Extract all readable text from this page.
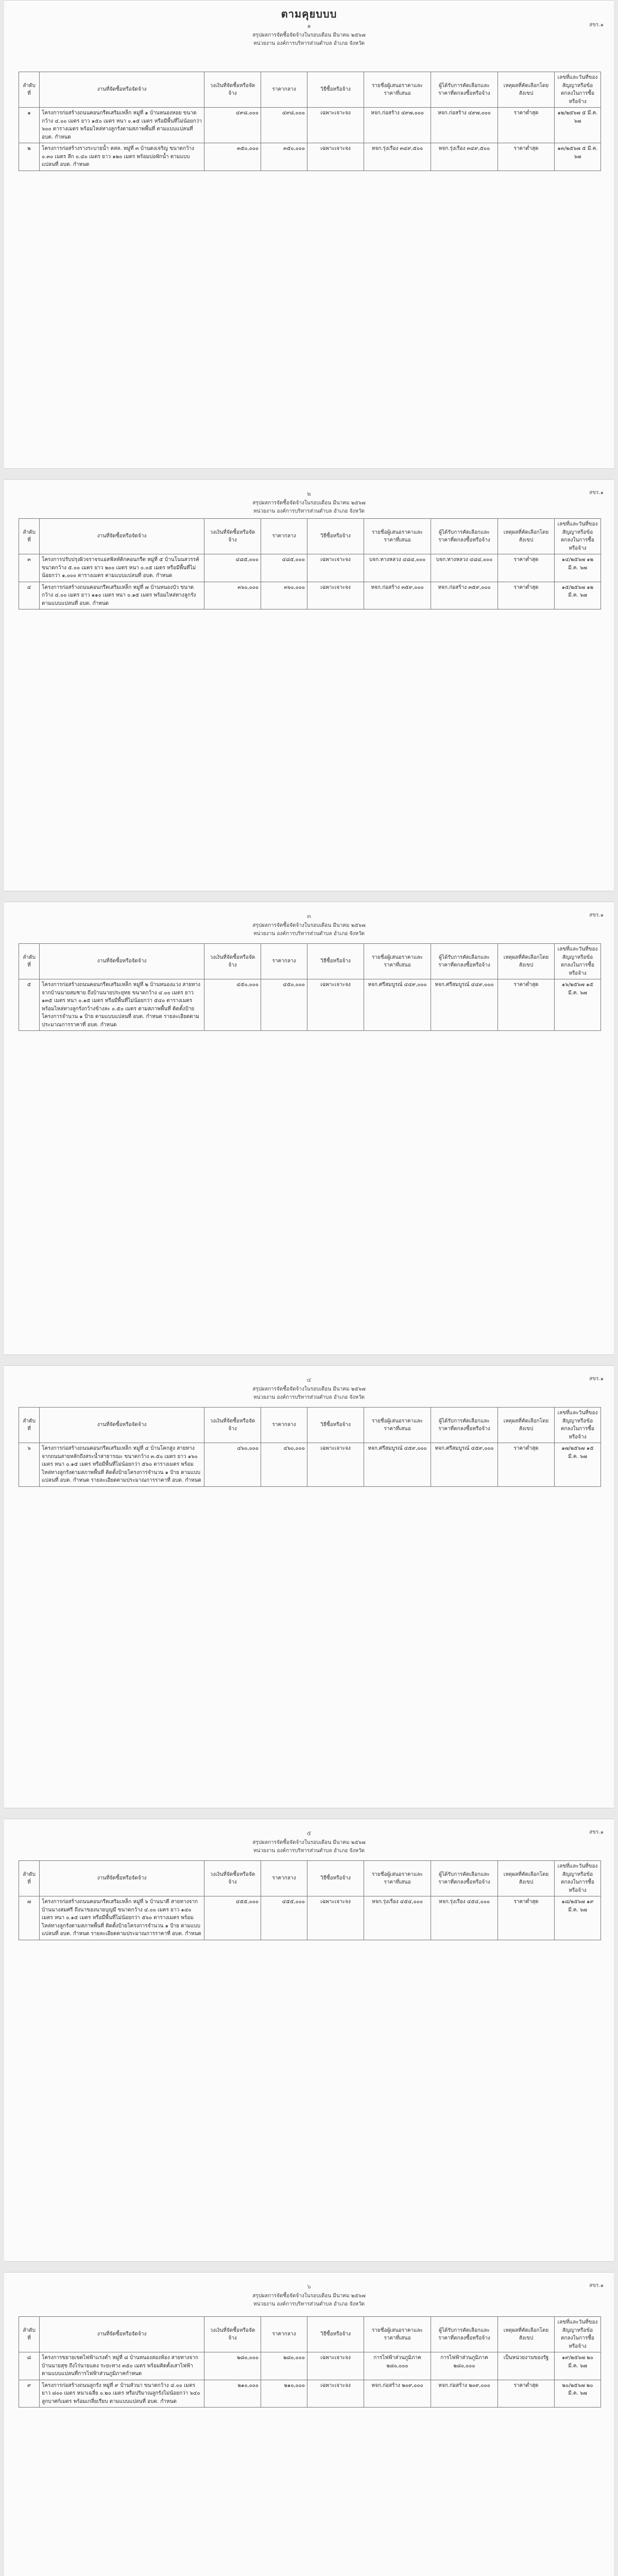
ตามคุยบบบ
สขร.๑
๑
สรุปผลการจัดซื้อจัดจ้างในรอบเดือน มีนาคม ๒๕๖๗
หน่วยงาน องค์การบริหารส่วนตำบล อำเภอ จังหวัด
ลำดับที่	งานที่จัดซื้อหรือจัดจ้าง	วงเงินที่จัดซื้อหรือจัดจ้าง	ราคากลาง	วิธีซื้อหรือจ้าง	รายชื่อผู้เสนอราคาและราคาที่เสนอ	ผู้ได้รับการคัดเลือกและราคาที่ตกลงซื้อหรือจ้าง	เหตุผลที่คัดเลือกโดยสังเขป	เลขที่และวันที่ของสัญญาหรือข้อตกลงในการซื้อหรือจ้าง
๑	โครงการก่อสร้างถนนคอนกรีตเสริมเหล็ก หมู่ที่ ๑ บ้านหนองหอย ขนาดกว้าง ๔.๐๐ เมตร ยาว ๑๕๐ เมตร หนา ๐.๑๕ เมตร หรือมีพื้นที่ไม่น้อยกว่า ๖๐๐ ตารางเมตร พร้อมไหล่ทางลูกรังตามสภาพพื้นที่ ตามแบบแปลนที่ อบต. กำหนด	๔๙๘,๐๐๐	๔๙๘,๐๐๐	เฉพาะเจาะจง	หจก.ก่อสร้าง ๔๙๗,๐๐๐	หจก.ก่อสร้าง ๔๙๗,๐๐๐	ราคาต่ำสุด	๑๒/๒๕๖๗ ๕ มี.ค. ๖๗
๒	โครงการก่อสร้างรางระบายน้ำ คสล. หมู่ที่ ๓ บ้านดงเจริญ ขนาดกว้าง ๐.๓๐ เมตร ลึก ๐.๔๐ เมตร ยาว ๑๒๐ เมตร พร้อมบ่อพักน้ำ ตามแบบแปลนที่ อบต. กำหนด	๓๕๐,๐๐๐	๓๕๐,๐๐๐	เฉพาะเจาะจง	หจก.รุ่งเรือง ๓๔๙,๕๐๐	หจก.รุ่งเรือง ๓๔๙,๕๐๐	ราคาต่ำสุด	๑๓/๒๕๖๗ ๕ มี.ค. ๖๗
สขร.๑
๒
สรุปผลการจัดซื้อจัดจ้างในรอบเดือน มีนาคม ๒๕๖๗
หน่วยงาน องค์การบริหารส่วนตำบล อำเภอ จังหวัด
ลำดับที่	งานที่จัดซื้อหรือจัดจ้าง	วงเงินที่จัดซื้อหรือจัดจ้าง	ราคากลาง	วิธีซื้อหรือจ้าง	รายชื่อผู้เสนอราคาและราคาที่เสนอ	ผู้ได้รับการคัดเลือกและราคาที่ตกลงซื้อหรือจ้าง	เหตุผลที่คัดเลือกโดยสังเขป	เลขที่และวันที่ของสัญญาหรือข้อตกลงในการซื้อหรือจ้าง
๓	โครงการปรับปรุงผิวจราจรแอสฟัลท์ติกคอนกรีต หมู่ที่ ๕ บ้านโนนสวรรค์ ขนาดกว้าง ๕.๐๐ เมตร ยาว ๒๐๐ เมตร หนา ๐.๐๕ เมตร หรือมีพื้นที่ไม่น้อยกว่า ๑,๐๐๐ ตารางเมตร ตามแบบแปลนที่ อบต. กำหนด	๔๘๕,๐๐๐	๔๘๕,๐๐๐	เฉพาะเจาะจง	บจก.ทางหลวง ๔๘๔,๐๐๐	บจก.ทางหลวง ๔๘๔,๐๐๐	ราคาต่ำสุด	๑๔/๒๕๖๗ ๑๒ มี.ค. ๖๗
๔	โครงการก่อสร้างถนนคอนกรีตเสริมเหล็ก หมู่ที่ ๗ บ้านหนองบัว ขนาดกว้าง ๔.๐๐ เมตร ยาว ๑๑๐ เมตร หนา ๐.๑๕ เมตร พร้อมไหล่ทางลูกรัง ตามแบบแปลนที่ อบต. กำหนด	๓๖๐,๐๐๐	๓๖๐,๐๐๐	เฉพาะเจาะจง	หจก.ก่อสร้าง ๓๕๙,๐๐๐	หจก.ก่อสร้าง ๓๕๙,๐๐๐	ราคาต่ำสุด	๑๕/๒๕๖๗ ๑๒ มี.ค. ๖๗
สขร.๑
๓
สรุปผลการจัดซื้อจัดจ้างในรอบเดือน มีนาคม ๒๕๖๗
หน่วยงาน องค์การบริหารส่วนตำบล อำเภอ จังหวัด
ลำดับที่	งานที่จัดซื้อหรือจัดจ้าง	วงเงินที่จัดซื้อหรือจัดจ้าง	ราคากลาง	วิธีซื้อหรือจ้าง	รายชื่อผู้เสนอราคาและราคาที่เสนอ	ผู้ได้รับการคัดเลือกและราคาที่ตกลงซื้อหรือจ้าง	เหตุผลที่คัดเลือกโดยสังเขป	เลขที่และวันที่ของสัญญาหรือข้อตกลงในการซื้อหรือจ้าง
๕	โครงการก่อสร้างถนนคอนกรีตเสริมเหล็ก หมู่ที่ ๒ บ้านหนองแวง สายทางจากบ้านนายสมชาย ถึงบ้านนายประยุทธ ขนาดกว้าง ๔.๐๐ เมตร ยาว ๑๓๕ เมตร หนา ๐.๑๕ เมตร หรือมีพื้นที่ไม่น้อยกว่า ๕๔๐ ตารางเมตร พร้อมไหล่ทางลูกรังกว้างข้างละ ๐.๕๐ เมตร ตามสภาพพื้นที่ ติดตั้งป้ายโครงการจำนวน ๑ ป้าย ตามแบบแปลนที่ อบต. กำหนด รายละเอียดตามประมาณการราคาที่ อบต. กำหนด	๔๕๐,๐๐๐	๔๕๐,๐๐๐	เฉพาะเจาะจง	หจก.ศรีสมบูรณ์ ๔๔๙,๐๐๐	หจก.ศรีสมบูรณ์ ๔๔๙,๐๐๐	ราคาต่ำสุด	๑๖/๒๕๖๗ ๑๕ มี.ค. ๖๗
สขร.๑
๔
สรุปผลการจัดซื้อจัดจ้างในรอบเดือน มีนาคม ๒๕๖๗
หน่วยงาน องค์การบริหารส่วนตำบล อำเภอ จังหวัด
ลำดับที่	งานที่จัดซื้อหรือจัดจ้าง	วงเงินที่จัดซื้อหรือจัดจ้าง	ราคากลาง	วิธีซื้อหรือจ้าง	รายชื่อผู้เสนอราคาและราคาที่เสนอ	ผู้ได้รับการคัดเลือกและราคาที่ตกลงซื้อหรือจ้าง	เหตุผลที่คัดเลือกโดยสังเขป	เลขที่และวันที่ของสัญญาหรือข้อตกลงในการซื้อหรือจ้าง
๖	โครงการก่อสร้างถนนคอนกรีตเสริมเหล็ก หมู่ที่ ๔ บ้านโคกสูง สายทางจากถนนสายหลักถึงสระน้ำสาธารณะ ขนาดกว้าง ๓.๕๐ เมตร ยาว ๑๖๐ เมตร หนา ๐.๑๕ เมตร หรือมีพื้นที่ไม่น้อยกว่า ๕๖๐ ตารางเมตร พร้อมไหล่ทางลูกรังตามสภาพพื้นที่ ติดตั้งป้ายโครงการจำนวน ๑ ป้าย ตามแบบแปลนที่ อบต. กำหนด รายละเอียดตามประมาณการราคาที่ อบต. กำหนด	๔๖๐,๐๐๐	๔๖๐,๐๐๐	เฉพาะเจาะจง	หจก.ศรีสมบูรณ์ ๔๕๙,๐๐๐	หจก.ศรีสมบูรณ์ ๔๕๙,๐๐๐	ราคาต่ำสุด	๑๗/๒๕๖๗ ๑๕ มี.ค. ๖๗
สขร.๑
๕
สรุปผลการจัดซื้อจัดจ้างในรอบเดือน มีนาคม ๒๕๖๗
หน่วยงาน องค์การบริหารส่วนตำบล อำเภอ จังหวัด
ลำดับที่	งานที่จัดซื้อหรือจัดจ้าง	วงเงินที่จัดซื้อหรือจัดจ้าง	ราคากลาง	วิธีซื้อหรือจ้าง	รายชื่อผู้เสนอราคาและราคาที่เสนอ	ผู้ได้รับการคัดเลือกและราคาที่ตกลงซื้อหรือจ้าง	เหตุผลที่คัดเลือกโดยสังเขป	เลขที่และวันที่ของสัญญาหรือข้อตกลงในการซื้อหรือจ้าง
๗	โครงการก่อสร้างถนนคอนกรีตเสริมเหล็ก หมู่ที่ ๖ บ้านนาดี สายทางจากบ้านนางสมศรี ถึงนาของนายบุญมี ขนาดกว้าง ๔.๐๐ เมตร ยาว ๑๔๐ เมตร หนา ๐.๑๕ เมตร หรือมีพื้นที่ไม่น้อยกว่า ๕๖๐ ตารางเมตร พร้อมไหล่ทางลูกรังตามสภาพพื้นที่ ติดตั้งป้ายโครงการจำนวน ๑ ป้าย ตามแบบแปลนที่ อบต. กำหนด รายละเอียดตามประมาณการราคาที่ อบต. กำหนด	๔๕๕,๐๐๐	๔๕๕,๐๐๐	เฉพาะเจาะจง	หจก.รุ่งเรือง ๔๕๔,๐๐๐	หจก.รุ่งเรือง ๔๕๔,๐๐๐	ราคาต่ำสุด	๑๘/๒๕๖๗ ๑๙ มี.ค. ๖๗
สขร.๑
๖
สรุปผลการจัดซื้อจัดจ้างในรอบเดือน มีนาคม ๒๕๖๗
หน่วยงาน องค์การบริหารส่วนตำบล อำเภอ จังหวัด
ลำดับที่	งานที่จัดซื้อหรือจัดจ้าง	วงเงินที่จัดซื้อหรือจัดจ้าง	ราคากลาง	วิธีซื้อหรือจ้าง	รายชื่อผู้เสนอราคาและราคาที่เสนอ	ผู้ได้รับการคัดเลือกและราคาที่ตกลงซื้อหรือจ้าง	เหตุผลที่คัดเลือกโดยสังเขป	เลขที่และวันที่ของสัญญาหรือข้อตกลงในการซื้อหรือจ้าง
๘	โครงการขยายเขตไฟฟ้าแรงต่ำ หมู่ที่ ๘ บ้านหนองสองห้อง สายทางจากบ้านนายสุข ถึงไร่นายแดง ระยะทาง ๓๕๐ เมตร พร้อมติดตั้งเสาไฟฟ้า ตามแบบแปลนที่การไฟฟ้าส่วนภูมิภาคกำหนด	๒๘๐,๐๐๐	๒๘๐,๐๐๐	เฉพาะเจาะจง	การไฟฟ้าส่วนภูมิภาค ๒๘๐,๐๐๐	การไฟฟ้าส่วนภูมิภาค ๒๘๐,๐๐๐	เป็นหน่วยงานของรัฐ	๑๙/๒๕๖๗ ๒๐ มี.ค. ๖๗
๙	โครงการก่อสร้างถนนลูกรัง หมู่ที่ ๙ บ้านหัวนา ขนาดกว้าง ๔.๐๐ เมตร ยาว ๘๐๐ เมตร หนาเฉลี่ย ๐.๒๐ เมตร หรือปริมาณลูกรังไม่น้อยกว่า ๖๔๐ ลูกบาศก์เมตร พร้อมเกลี่ยเรียบ ตามแบบแปลนที่ อบต. กำหนด	๒๑๐,๐๐๐	๒๑๐,๐๐๐	เฉพาะเจาะจง	หจก.ก่อสร้าง ๒๐๙,๐๐๐	หจก.ก่อสร้าง ๒๐๙,๐๐๐	ราคาต่ำสุด	๒๐/๒๕๖๗ ๒๐ มี.ค. ๖๗
